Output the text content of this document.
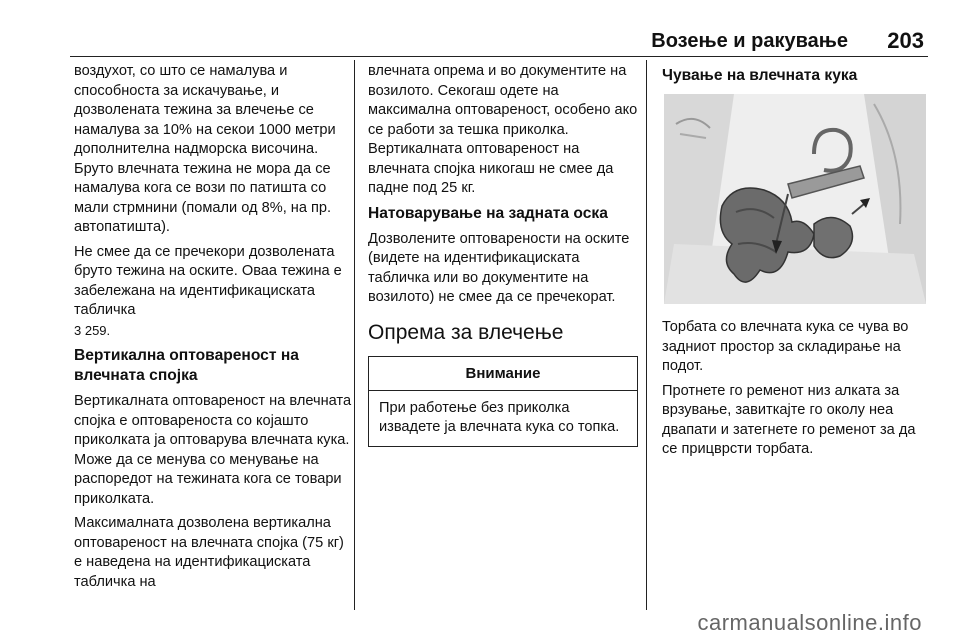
Возење и ракување 203

воздухот, со што се намалува и способноста за искачување, и дозволената тежина за влечење се намалува за 10% на секои 1000 метри дополнителна надморска височина. Бруто влечната тежина не мора да се намалува кога се вози по патишта со мали стрмнини (помали од 8%, на пр. автопатишта).

Не смее да се пречекори дозволената бруто тежина на оските. Оваа тежина е забележана на идентификациската табличка
3 259.

Вертикална оптовареност на влечната спојка

Вертикалната оптовареност на влечната спојка е оптоварeноста со којашто приколката ја оптоварува влечната кука. Може да се менува со менување на распоредот на тежината кога се товари приколката.

Максималната дозволена вертикална оптовареност на влечната спојка (75 кг) е наведена на идентификациската табличка на

влечната опрема и во документите на возилото. Секогаш одете на максимална оптовареност, особено ако се работи за тешка приколка. Вертикалната оптовареност на влечната спојка никогаш не смее да падне под 25 кг.

Натоварување на задната оска

Дозволените оптоварености на оските (видете на идентификациската табличка или во документите на возилото) не смее да се пречекорат.

Опрема за влечење
Внимание

При работење без приколка извадете ја влечната кука со топка.

Чување на влечната кука

Торбата со влечната кука се чува во задниот простор за складирање на подот.

Протнете го ременот низ алката за врзување, завиткајте го околу неа двапати и затегнете го ременот за да се прицврсти торбата.

carmanualsonline.info
